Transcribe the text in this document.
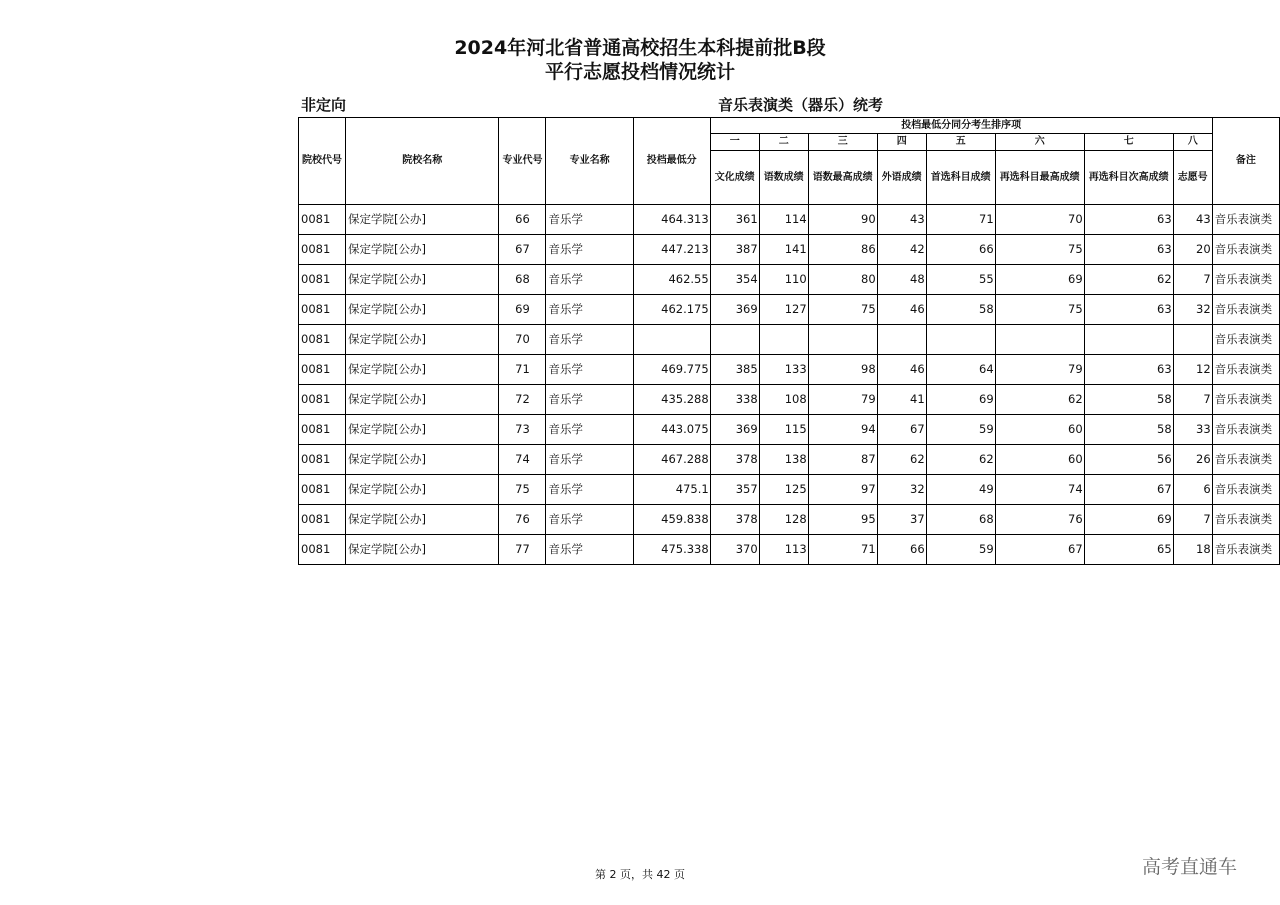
2024年河北省普通高校招生本科提前批B段
平行志愿投档情况统计
非定向	音乐表演类（器乐）统考
院校代号	院校名称	专业代号	专业名称	投档最低分	投档最低分同分考生排序项								备注
					一	二	三	四	五	六	七	八	
					文化成绩	语数成绩	语数最高成绩	外语成绩	首选科目成绩	再选科目最高成绩	再选科目次高成绩	志愿号	
0081	保定学院[公办]	66	音乐学	464.313	361	114	90	43	71	70	63	43	音乐表演类
0081	保定学院[公办]	67	音乐学	447.213	387	141	86	42	66	75	63	20	音乐表演类
0081	保定学院[公办]	68	音乐学	462.55	354	110	80	48	55	69	62	7	音乐表演类
0081	保定学院[公办]	69	音乐学	462.175	369	127	75	46	58	75	63	32	音乐表演类
0081	保定学院[公办]	70	音乐学										音乐表演类
0081	保定学院[公办]	71	音乐学	469.775	385	133	98	46	64	79	63	12	音乐表演类
0081	保定学院[公办]	72	音乐学	435.288	338	108	79	41	69	62	58	7	音乐表演类
0081	保定学院[公办]	73	音乐学	443.075	369	115	94	67	59	60	58	33	音乐表演类
0081	保定学院[公办]	74	音乐学	467.288	378	138	87	62	62	60	56	26	音乐表演类
0081	保定学院[公办]	75	音乐学	475.1	357	125	97	32	49	74	67	6	音乐表演类
0081	保定学院[公办]	76	音乐学	459.838	378	128	95	37	68	76	69	7	音乐表演类
0081	保定学院[公办]	77	音乐学	475.338	370	113	71	66	59	67	65	18	音乐表演类
第 2 页，共 42 页	高考直通车
